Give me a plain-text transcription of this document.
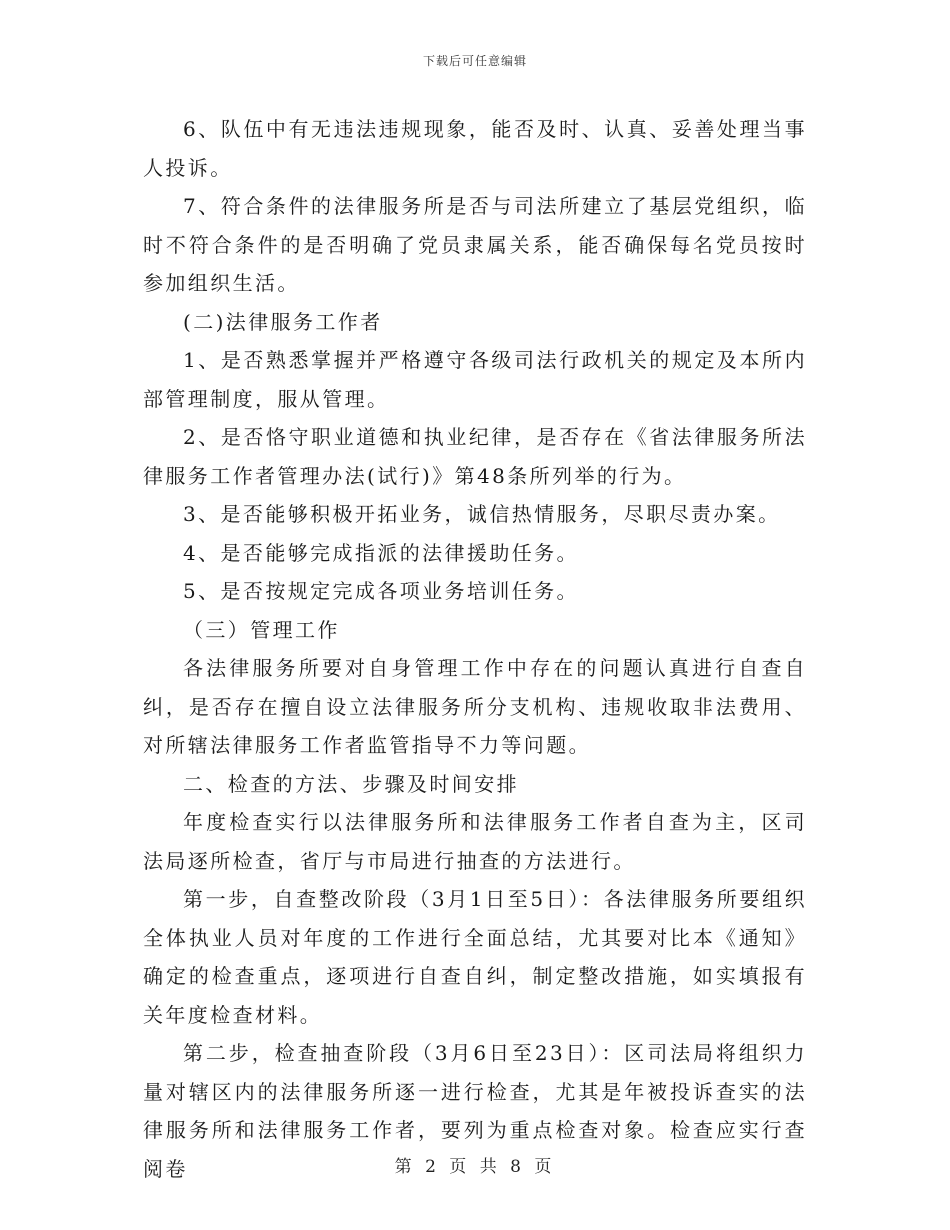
下载后可任意编辑

6、队伍中有无违法违规现象，能否及时、认真、妥善处理当事人投诉。

7、符合条件的法律服务所是否与司法所建立了基层党组织，临时不符合条件的是否明确了党员隶属关系，能否确保每名党员按时参加组织生活。

(二)法律服务工作者

1、是否熟悉掌握并严格遵守各级司法行政机关的规定及本所内部管理制度，服从管理。

2、是否恪守职业道德和执业纪律，是否存在《省法律服务所法律服务工作者管理办法(试行)》第48条所列举的行为。

3、是否能够积极开拓业务，诚信热情服务，尽职尽责办案。

4、是否能够完成指派的法律援助任务。

5、是否按规定完成各项业务培训任务。

（三）管理工作

各法律服务所要对自身管理工作中存在的问题认真进行自查自纠，是否存在擅自设立法律服务所分支机构、违规收取非法费用、对所辖法律服务工作者监管指导不力等问题。

二、检查的方法、步骤及时间安排

年度检查实行以法律服务所和法律服务工作者自查为主，区司法局逐所检查，省厅与市局进行抽查的方法进行。

第一步，自查整改阶段（3月1日至5日）：各法律服务所要组织全体执业人员对年度的工作进行全面总结，尤其要对比本《通知》确定的检查重点，逐项进行自查自纠，制定整改措施，如实填报有关年度检查材料。

第二步，检查抽查阶段（3月6日至23日）：区司法局将组织力量对辖区内的法律服务所逐一进行检查，尤其是年被投诉查实的法律服务所和法律服务工作者，要列为重点检查对象。检查应实行查阅卷	第 2 页 共 8 页
